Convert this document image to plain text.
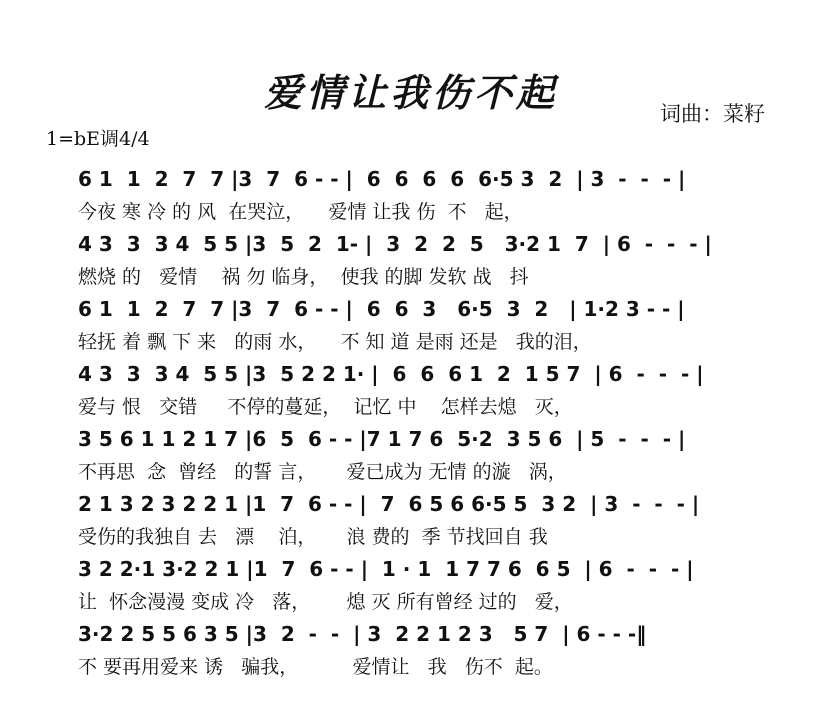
爱情让我伤不起	词曲：菜籽
1=bE调4/4
6 1  1  2  7  7 |3  7  6 - - |  6  6  6  6  6·5 3  2  | 3  -  -  - |
今夜 寒 冷 的 风  在哭泣，    爱情 让我 伤  不   起，
4 3  3  3 4  5 5 |3  5  2  1- |  3  2  2  5   3·2 1  7  | 6  -  -  - |
燃烧 的   爱情    祸 勿 临身，  使我 的脚 发软 战   抖
6 1  1  2  7  7 |3  7  6 - - |  6  6  3   6·5  3  2   | 1·2 3 - - |
轻抚 着 飘 下 来   的雨 水，    不 知 道 是雨 还是   我的泪，
4 3  3  3 4  5 5 |3  5 2 2 1· |  6  6  6 1  2  1 5 7  | 6  -  -  - |
爱与 恨   交错     不停的蔓延，  记忆 中    怎样去熄   灭，
3 5 6 1 1 2 1 7 |6  5  6 - - |7 1 7 6  5·2  3 5 6  | 5  -  -  - |
不再思  念  曾经   的誓 言，     爱已成为 无情 的漩   涡，
2 1 3 2 3 2 2 1 |1  7  6 - - |  7  6 5 6 6·5 5  3 2  | 3  -  -  - |
受伤的我独自 去   漂    泊，     浪 费的  季 节找回自 我
3 2 2·1 3·2 2 1 |1  7  6 - - |  1 · 1  1 7 7 6  6 5  | 6  -  -  - |
让  怀念漫漫 变成 冷   落，      熄 灭 所有曾经 过的   爱，
3·2 2 5 5 6 3 5 |3  2  -  -  | 3  2 2 1 2 3   5 7  | 6 - - -‖
不 要再用爱来 诱   骗我，         爱情让   我   伤不  起。
